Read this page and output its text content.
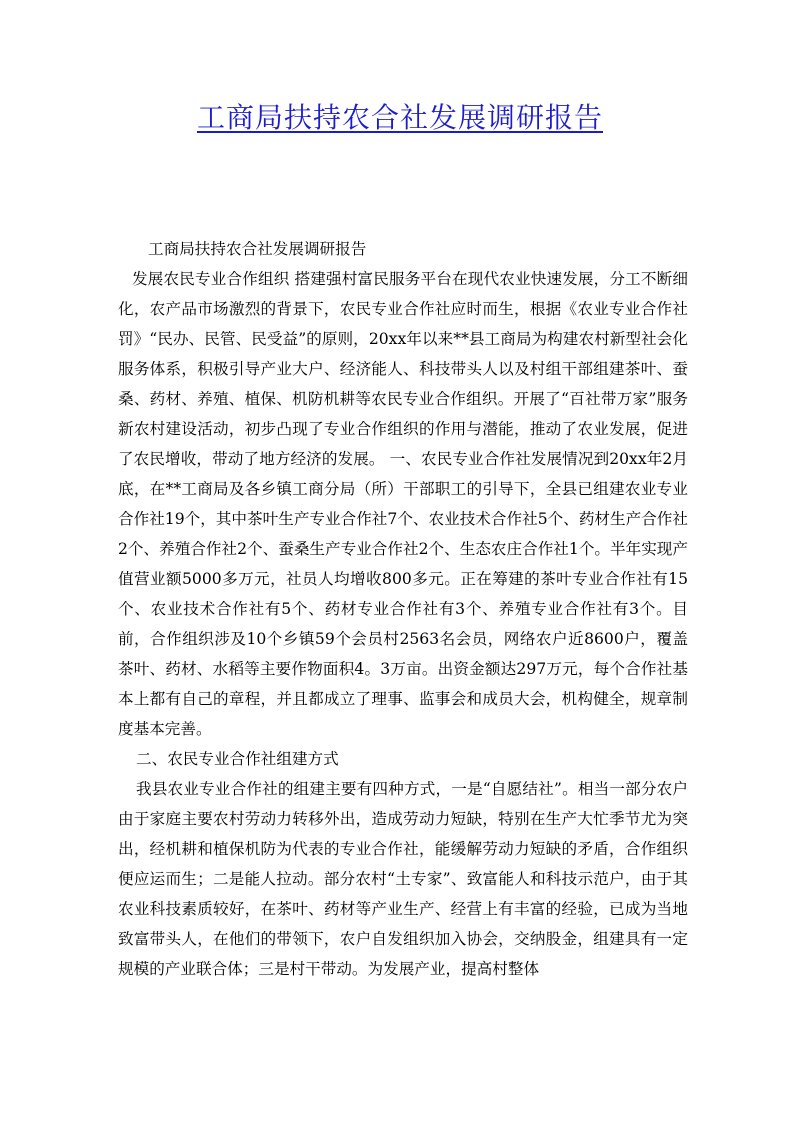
工商局扶持农合社发展调研报告

工商局扶持农合社发展调研报告

发展农民专业合作组织 搭建强村富民服务平台在现代农业快速发展，分工不断细化，农产品市场激烈的背景下，农民专业合作社应时而生，根据《农业专业合作社罚》“民办、民管、民受益”的原则，20xx年以来**县工商局为构建农村新型社会化服务体系，积极引导产业大户、经济能人、科技带头人以及村组干部组建茶叶、蚕桑、药材、养殖、植保、机防机耕等农民专业合作组织。开展了“百社带万家”服务新农村建设活动，初步凸现了专业合作组织的作用与潜能，推动了农业发展，促进了农民增收，带动了地方经济的发展。 一、农民专业合作社发展情况到20xx年2月底，在**工商局及各乡镇工商分局（所）干部职工的引导下，全县已组建农业专业合作社19个，其中茶叶生产专业合作社7个、农业技术合作社5个、药材生产合作社2个、养殖合作社2个、蚕桑生产专业合作社2个、生态农庄合作社1个。半年实现产值营业额5000多万元，社员人均增收800多元。正在筹建的茶叶专业合作社有15个、农业技术合作社有5个、药材专业合作社有3个、养殖专业合作社有3个。目前，合作组织涉及10个乡镇59个会员村2563名会员，网络农户近8600户，覆盖茶叶、药材、水稻等主要作物面积4。3万亩。出资金额达297万元，每个合作社基本上都有自己的章程，并且都成立了理事、监事会和成员大会，机构健全，规章制度基本完善。

二、农民专业合作社组建方式

我县农业专业合作社的组建主要有四种方式，一是“自愿结社”。相当一部分农户由于家庭主要农村劳动力转移外出，造成劳动力短缺，特别在生产大忙季节尤为突出，经机耕和植保机防为代表的专业合作社，能缓解劳动力短缺的矛盾，合作组织便应运而生；二是能人拉动。部分农村“土专家”、致富能人和科技示范户，由于其农业科技素质较好，在茶叶、药材等产业生产、经营上有丰富的经验，已成为当地致富带头人，在他们的带领下，农户自发组织加入协会，交纳股金，组建具有一定规模的产业联合体；三是村干带动。为发展产业，提高村整体
